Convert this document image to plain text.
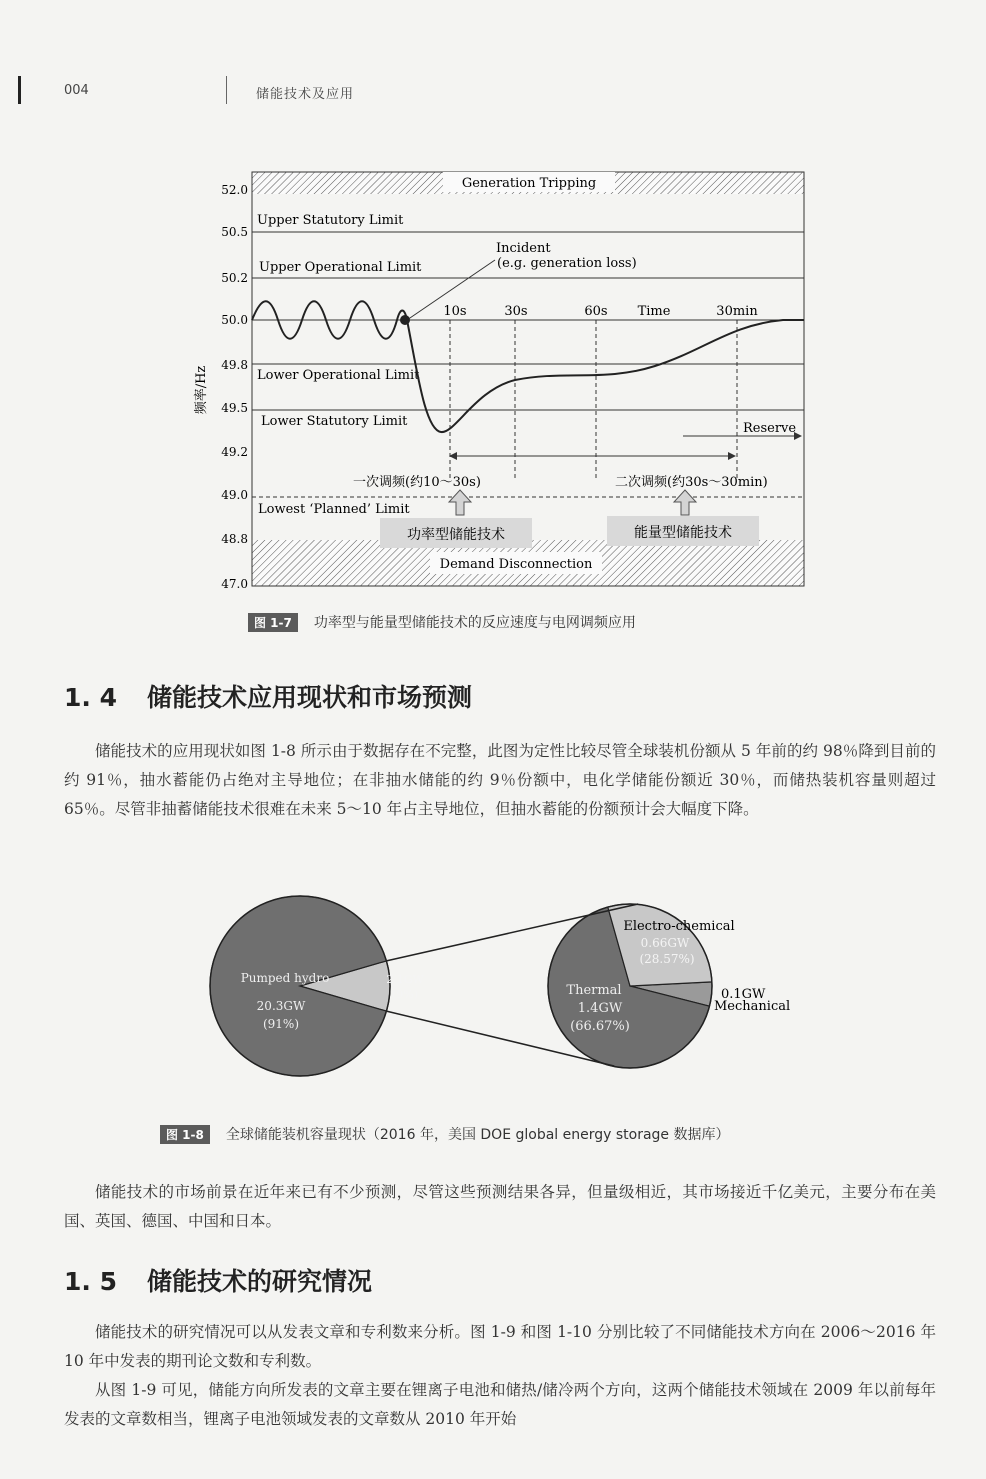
004	储能技术及应用
Generation Tripping
Demand Disconnection
Upper Statutory Limit
Upper Operational Limit
Lower Operational Limit
Lower Statutory Limit
Lowest ‘Planned’ Limit
52.0
50.5
50.2
50.0
49.8
49.5
49.2
49.0
48.8
47.0
频率/Hz
10s	30s	60s Time	30min
Incident
(e.g. generation loss)
Reserve
一次调频(约10～30s)	二次调频(约30s～30min)
功率型储能技术	能量型储能技术
图 1-7 功率型与能量型储能技术的反应速度与电网调频应用
1. 4 储能技术应用现状和市场预测

储能技术的应用现状如图 1-8 所示由于数据存在不完整，此图为定性比较尽管全球装机份额从 5 年前的约 98％降到目前的约 91％，抽水蓄能仍占绝对主导地位；在非抽水储能的约 9％份额中，电化学储能份额近 30％，而储热装机容量则超过 65％。尽管非抽蓄储能技术很难在未来 5～10 年占主导地位，但抽水蓄能的份额预计会大幅度下降。

Pumped hydro
20.3GW
(91%)
2.1GW
(9%)
Electro-chemical
0.66GW
(28.57%)
Thermal
1.4GW
(66.67%)
0.1GW
Mechanical
图 1-8 全球储能装机容量现状（2016 年，美国 DOE global energy storage 数据库）

储能技术的市场前景在近年来已有不少预测，尽管这些预测结果各异，但量级相近，其市场接近千亿美元，主要分布在美国、英国、德国、中国和日本。

1. 5 储能技术的研究情况

储能技术的研究情况可以从发表文章和专利数来分析。图 1-9 和图 1-10 分别比较了不同储能技术方向在 2006～2016 年 10 年中发表的期刊论文数和专利数。

从图 1-9 可见，储能方向所发表的文章主要在锂离子电池和储热/储冷两个方向，这两个储能技术领域在 2009 年以前每年发表的文章数相当，锂离子电池领域发表的文章数从 2010 年开始
